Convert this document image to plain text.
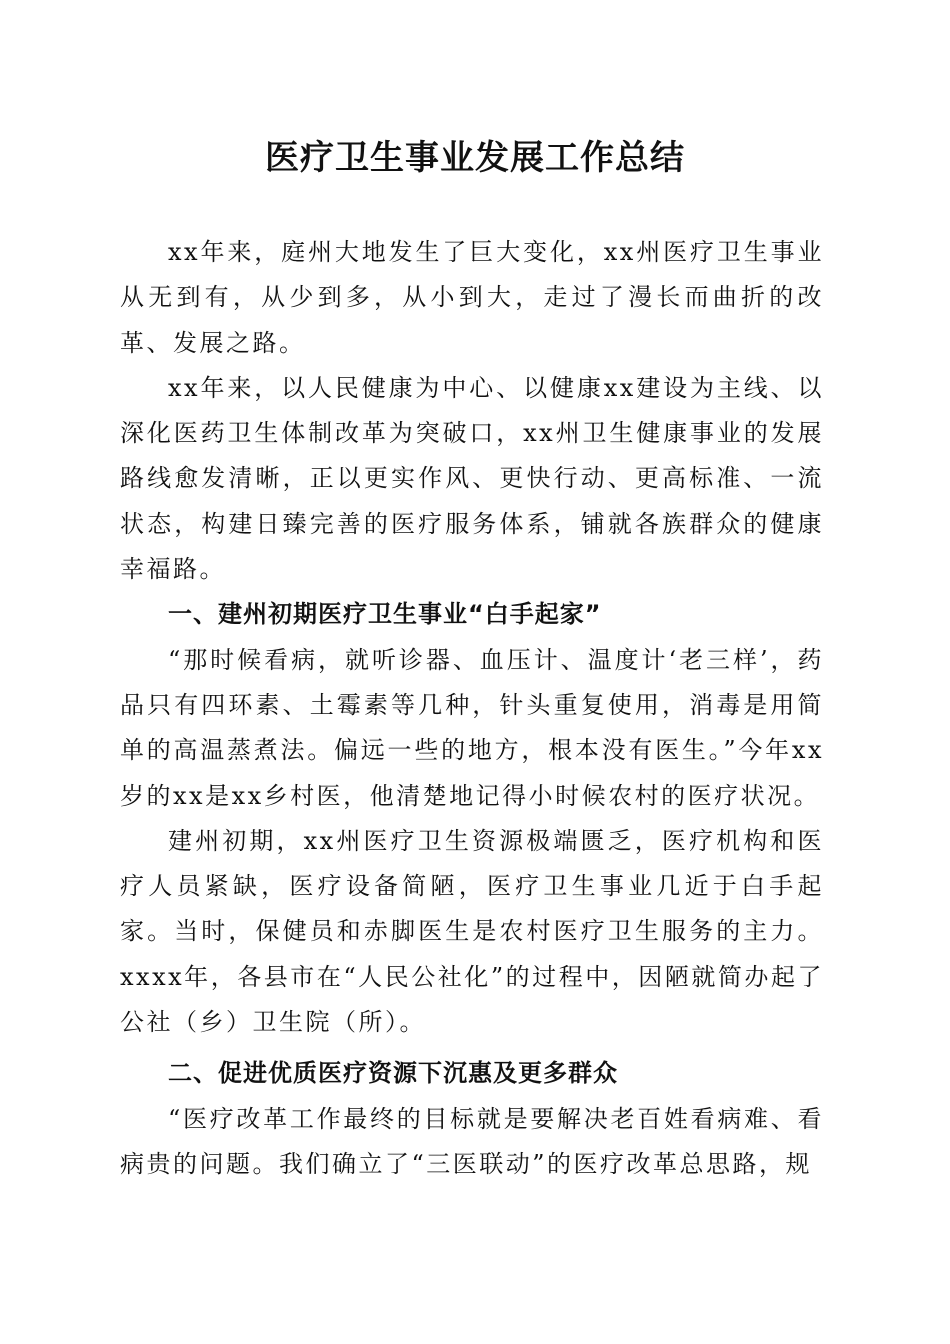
医疗卫生事业发展工作总结

xx年来，庭州大地发生了巨大变化，xx州医疗卫生事业从无到有，从少到多，从小到大，走过了漫长而曲折的改革、发展之路。

xx年来，以人民健康为中心、以健康xx建设为主线、以深化医药卫生体制改革为突破口，xx州卫生健康事业的发展路线愈发清晰，正以更实作风、更快行动、更高标准、一流状态，构建日臻完善的医疗服务体系，铺就各族群众的健康幸福路。

一、建州初期医疗卫生事业“白手起家”

“那时候看病，就听诊器、血压计、温度计‘老三样’，药品只有四环素、土霉素等几种，针头重复使用，消毒是用简单的高温蒸煮法。偏远一些的地方，根本没有医生。”今年xx岁的xx是xx乡村医，他清楚地记得小时候农村的医疗状况。

建州初期，xx州医疗卫生资源极端匮乏，医疗机构和医疗人员紧缺，医疗设备简陋，医疗卫生事业几近于白手起家。当时，保健员和赤脚医生是农村医疗卫生服务的主力。xxxx年，各县市在“人民公社化”的过程中，因陋就简办起了公社（乡）卫生院（所）。

二、促进优质医疗资源下沉惠及更多群众

“医疗改革工作最终的目标就是要解决老百姓看病难、看病贵的问题。我们确立了“三医联动”的医疗改革总思路，规
